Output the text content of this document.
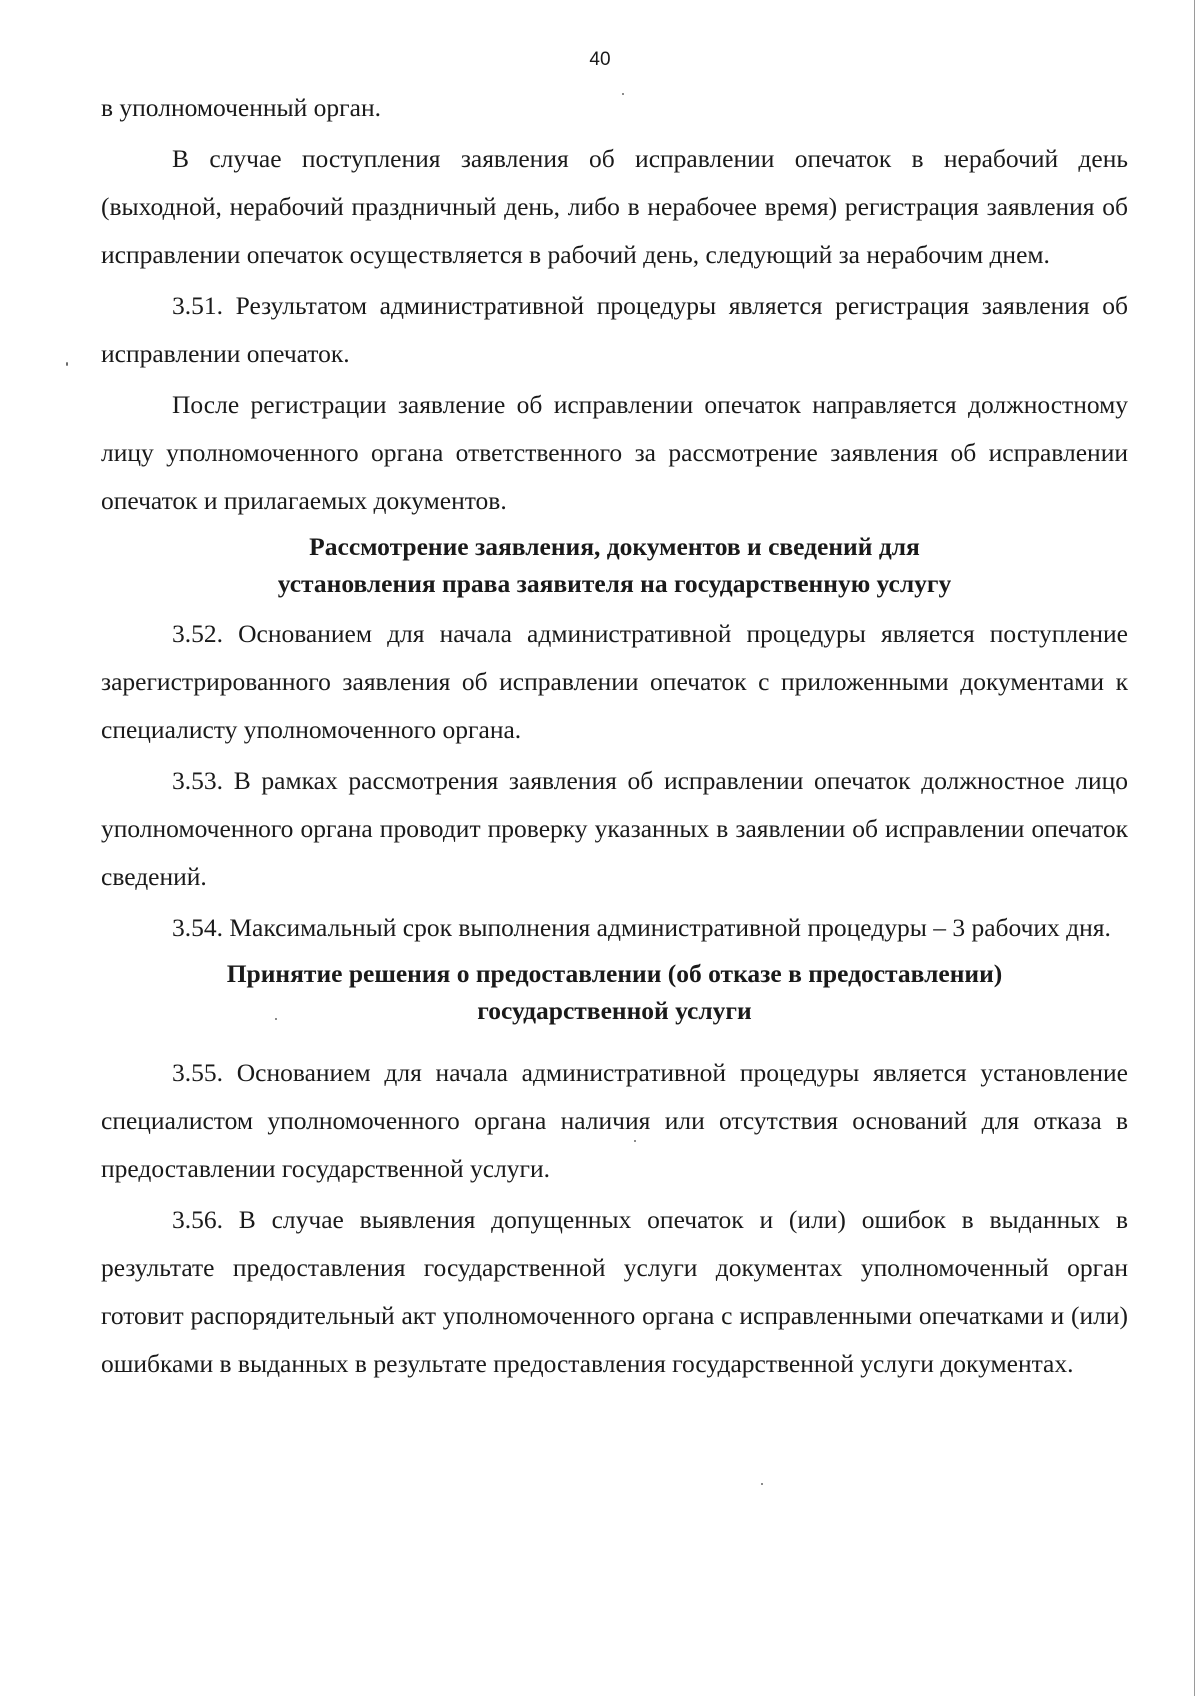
40

в уполномоченный орган.

В случае поступления заявления об исправлении опечаток в нерабочий день (выходной, нерабочий праздничный день, либо в нерабочее время) регистрация заявления об исправлении опечаток осуществляется в рабочий день, следующий за нерабочим днем.

3.51. Результатом административной процедуры является регистрация заявления об исправлении опечаток.

После регистрации заявление об исправлении опечаток направляется должностному лицу уполномоченного органа ответственного за рассмотрение заявления об исправлении опечаток и прилагаемых документов.

Рассмотрение заявления, документов и сведений для
установления права заявителя на государственную услугу

3.52. Основанием для начала административной процедуры является поступление зарегистрированного заявления об исправлении опечаток с приложенными документами к специалисту уполномоченного органа.

3.53. В рамках рассмотрения заявления об исправлении опечаток должностное лицо уполномоченного органа проводит проверку указанных в заявлении об исправлении опечаток сведений.

3.54. Максимальный срок выполнения административной процедуры – 3 рабочих дня.

Принятие решения о предоставлении (об отказе в предоставлении)
государственной услуги

3.55. Основанием для начала административной процедуры является установление специалистом уполномоченного органа наличия или отсутствия оснований для отказа в предоставлении государственной услуги.

3.56. В случае выявления допущенных опечаток и (или) ошибок в выданных в результате предоставления государственной услуги документах уполномоченный орган готовит распорядительный акт уполномоченного органа с исправленными опечатками и (или) ошибками в выданных в результате предоставления государственной услуги документах.
